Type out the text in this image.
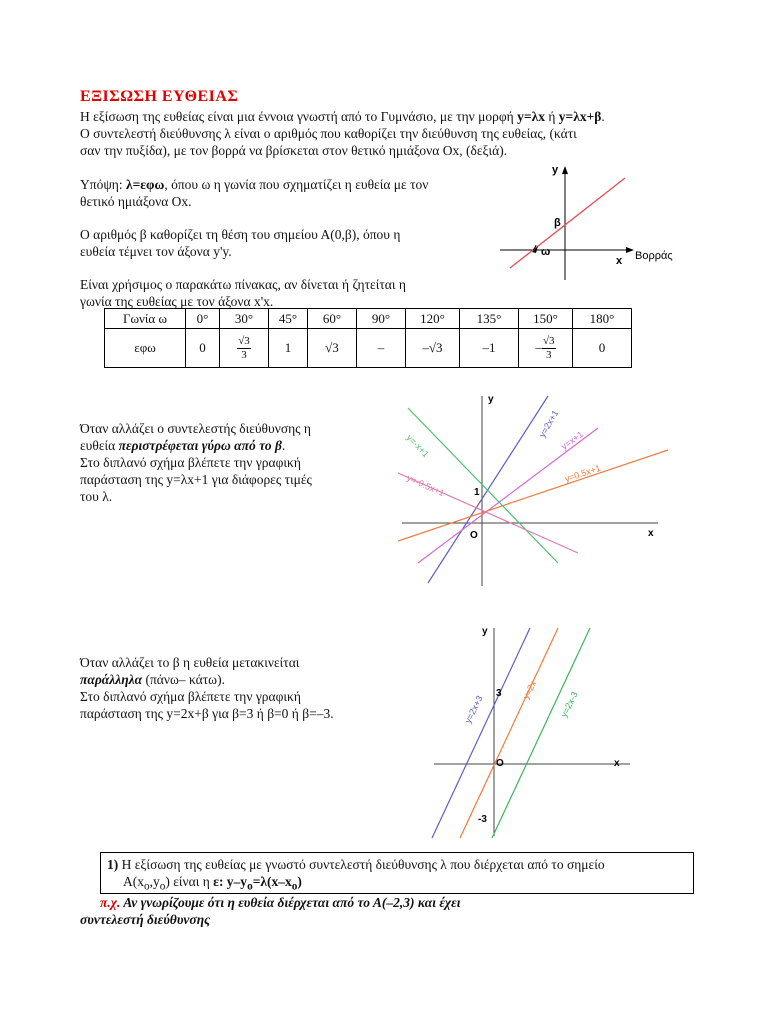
ΕΞΙΣΩΣΗ ΕΥΘΕΙΑΣ
Η εξίσωση της ευθείας είναι μια έννοια γνωστή από το Γυμνάσιο, με την μορφή y=λx ή y=λx+β.
Ο συντελεστή διεύθυνσης λ είναι ο αριθμός που καθορίζει την διεύθυνση της ευθείας, (κάτι
σαν την πυξίδα), με τον βορρά να βρίσκεται στον θετικό ημιάξονα Οx, (δεξιά).
Υπόψη: λ=εφω, όπου ω η γωνία που σχηματίζει η ευθεία με τον
θετικό ημιάξονα Οx.
Ο αριθμός β καθορίζει τη θέση του σημείου Α(0,β), όπου η
ευθεία τέμνει τον άξονα y'y.
Είναι χρήσιμος ο παρακάτω πίνακας, αν δίνεται ή ζητείται η
γωνία της ευθείας με τον άξονα x'x.
y
x
β
ω	Βορράς
Γωνία ω	0°	30°	45°	60°	90°	120°	135°	150°	180°
εφω	0	$\frac{√3}{3}$	1	√3	–	–√3	–1	– $\frac{√3}{3}$	0
Όταν αλλάζει ο συντελεστής διεύθυνσης η
ευθεία περιστρέφεται γύρω από το β.
Στο διπλανό σχήμα βλέπετε την γραφική
παράσταση της y=λx+1 για διάφορες τιμές
του λ.
y
x
O
1
y=2x+1
y=x+1
y=0.5x+1
y=-x+1
y=-0.5x+1
Όταν αλλάζει το β η ευθεία μετακινείται
παράλληλα (πάνω– κάτω).
Στο διπλανό σχήμα βλέπετε την γραφική
παράσταση της y=2x+β για β=3 ή β=0 ή β=–3.
y
x
O
3
-3
y=2x+3
y=2x y=2x-3
1) Η εξίσωση της ευθείας με γνωστό συντελεστή διεύθυνσης λ που διέρχεται από το σημείο
$A(x_o,y_o)$ είναι η ε: $y-y_o=\lambda(x-x_o)$
π.χ. Αν γνωρίζουμε ότι η ευθεία διέρχεται από το Α(–2,3) και έχει
συντελεστή διεύθυνσης
